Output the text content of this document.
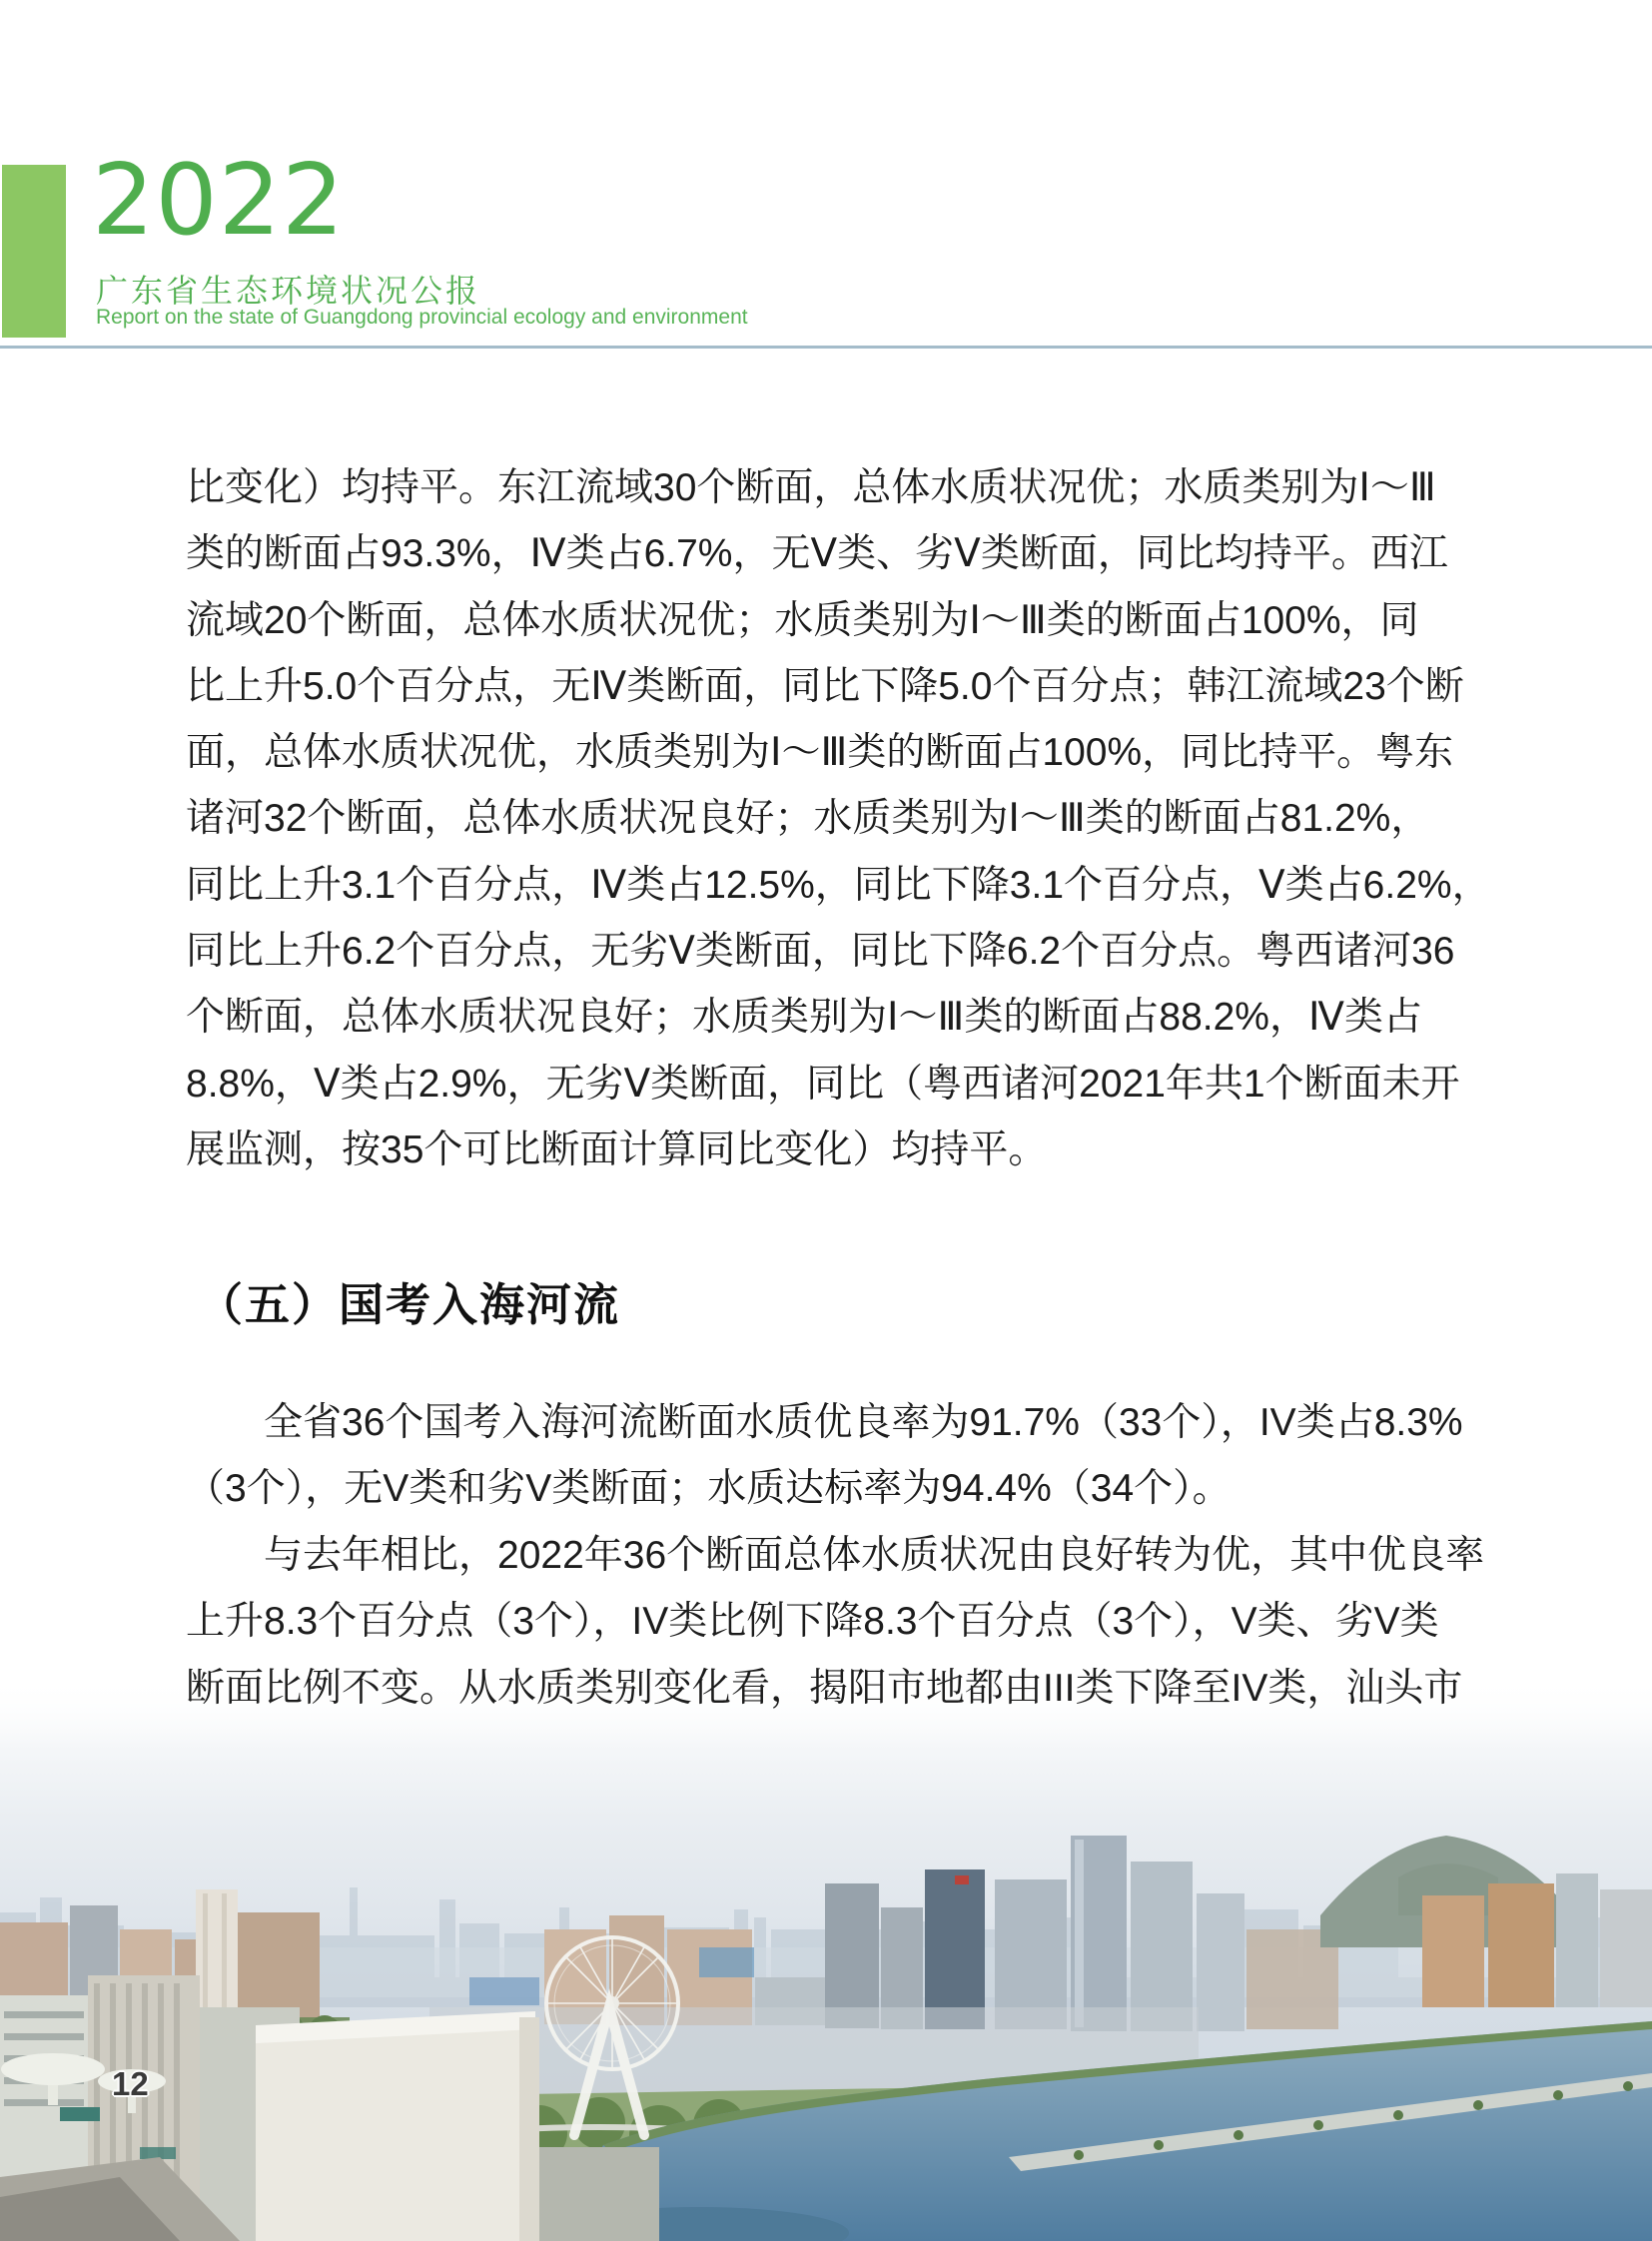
2022
广东省生态环境状况公报
Report on the state of Guangdong provincial ecology and environment
比变化）均持平。东江流域30个断面，总体水质状况优；水质类别为Ⅰ～Ⅲ
类的断面占93.3%，Ⅳ类占6.7%，无Ⅴ类、劣Ⅴ类断面，同比均持平。西江
流域20个断面，总体水质状况优；水质类别为Ⅰ～Ⅲ类的断面占100%，同
比上升5.0个百分点，无Ⅳ类断面，同比下降5.0个百分点；韩江流域23个断
面，总体水质状况优，水质类别为Ⅰ～Ⅲ类的断面占100%，同比持平。粤东
诸河32个断面，总体水质状况良好；水质类别为Ⅰ～Ⅲ类的断面占81.2%，
同比上升3.1个百分点，Ⅳ类占12.5%，同比下降3.1个百分点，Ⅴ类占6.2%，
同比上升6.2个百分点，无劣Ⅴ类断面，同比下降6.2个百分点。粤西诸河36
个断面，总体水质状况良好；水质类别为Ⅰ～Ⅲ类的断面占88.2%，Ⅳ类占
8.8%，Ⅴ类占2.9%，无劣Ⅴ类断面，同比（粤西诸河2021年共1个断面未开
展监测，按35个可比断面计算同比变化）均持平。
（五）国考入海河流
全省36个国考入海河流断面水质优良率为91.7%（33个），IV类占8.3%
（3个），无V类和劣V类断面；水质达标率为94.4%（34个）。
与去年相比，2022年36个断面总体水质状况由良好转为优，其中优良率
上升8.3个百分点（3个），IV类比例下降8.3个百分点（3个），V类、劣V类
断面比例不变。从水质类别变化看，揭阳市地都由III类下降至IV类，汕头市
12
